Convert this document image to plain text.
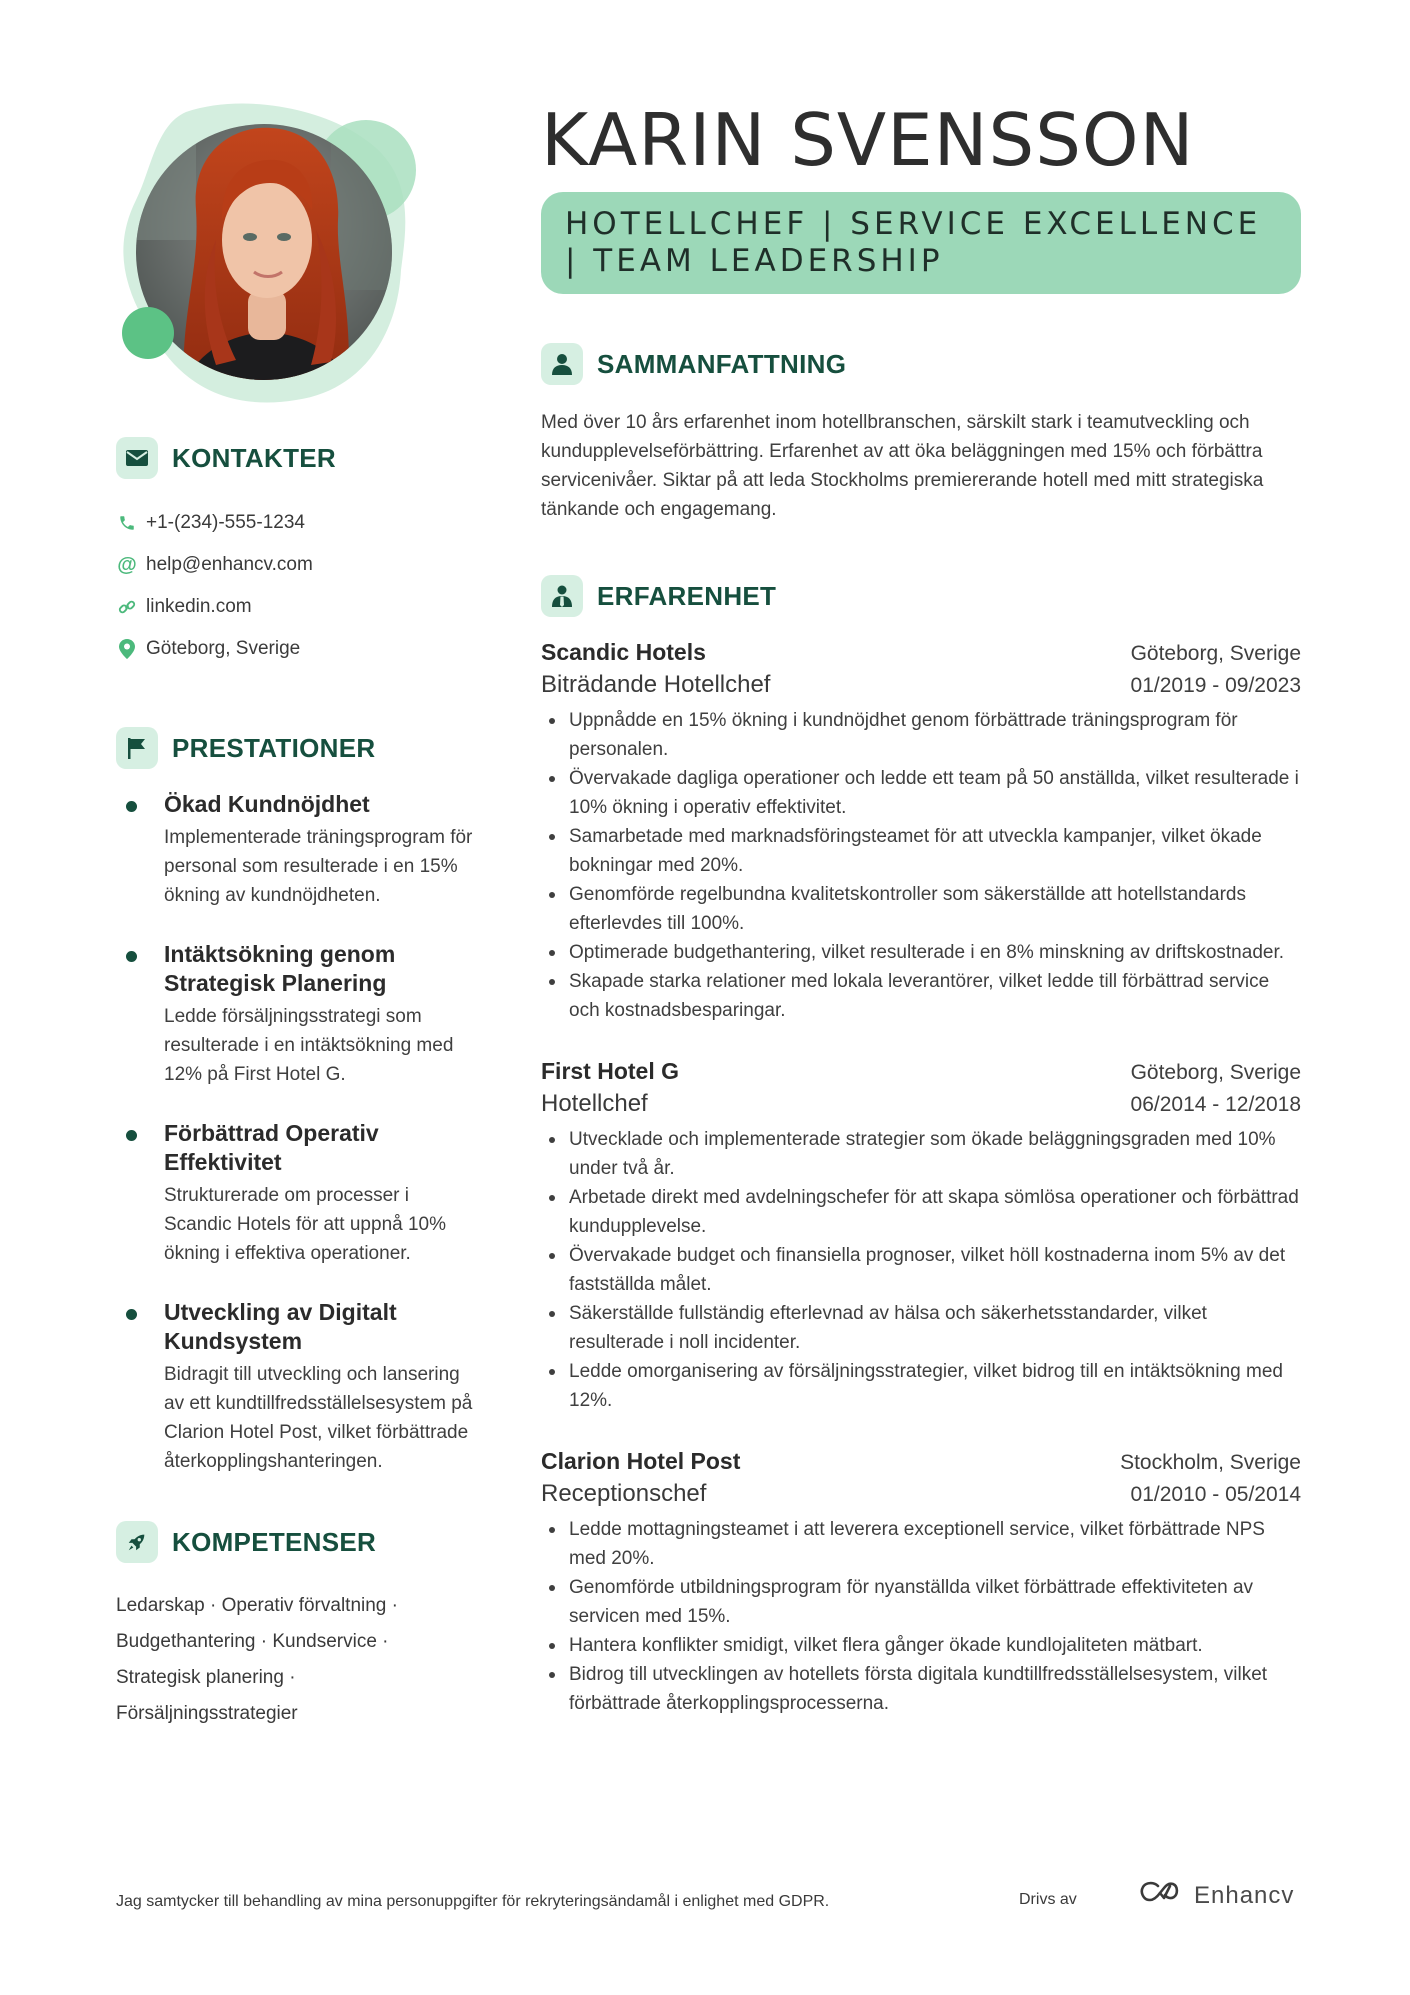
KONTAKTER
+1-(234)-555-1234
@ help@enhancv.com
linkedin.com
Göteborg, Sverige
PRESTATIONER
Ökad Kundnöjdhet
Implementerade träningsprogram för personal som resulterade i en 15% ökning av kundnöjdheten.
Intäktsökning genom Strategisk Planering
Ledde försäljningsstrategi som resulterade i en intäktsökning med 12% på First Hotel G.
Förbättrad Operativ Effektivitet
Strukturerade om processer i Scandic Hotels för att uppnå 10% ökning i effektiva operationer.
Utveckling av Digitalt Kundsystem
Bidragit till utveckling och lansering av ett kundtillfredsställelsesystem på Clarion Hotel Post, vilket förbättrade återkopplingshanteringen.
KOMPETENSER
Ledarskap · Operativ förvaltning · Budgethantering · Kundservice · Strategisk planering · Försäljningsstrategier
KARIN SVENSSON
HOTELLCHEF | SERVICE EXCELLENCE | TEAM LEADERSHIP
SAMMANFATTNING
Med över 10 års erfarenhet inom hotellbranschen, särskilt stark i teamutveckling och kundupplevelseförbättring. Erfarenhet av att öka beläggningen med 15% och förbättra servicenivåer. Siktar på att leda Stockholms premiererande hotell med mitt strategiska tänkande och engagemang.
ERFARENHET
Scandic Hotels	Göteborg, Sverige
Biträdande Hotellchef	01/2019 - 09/2023
Uppnådde en 15% ökning i kundnöjdhet genom förbättrade träningsprogram för personalen.
Övervakade dagliga operationer och ledde ett team på 50 anställda, vilket resulterade i 10% ökning i operativ effektivitet.
Samarbetade med marknadsföringsteamet för att utveckla kampanjer, vilket ökade bokningar med 20%.
Genomförde regelbundna kvalitetskontroller som säkerställde att hotellstandards efterlevdes till 100%.
Optimerade budgethantering, vilket resulterade i en 8% minskning av driftskostnader.
Skapade starka relationer med lokala leverantörer, vilket ledde till förbättrad service och kostnadsbesparingar.
First Hotel G	Göteborg, Sverige
Hotellchef	06/2014 - 12/2018
Utvecklade och implementerade strategier som ökade beläggningsgraden med 10% under två år.
Arbetade direkt med avdelningschefer för att skapa sömlösa operationer och förbättrad kundupplevelse.
Övervakade budget och finansiella prognoser, vilket höll kostnaderna inom 5% av det fastställda målet.
Säkerställde fullständig efterlevnad av hälsa och säkerhetsstandarder, vilket resulterade i noll incidenter.
Ledde omorganisering av försäljningsstrategier, vilket bidrog till en intäktsökning med 12%.
Clarion Hotel Post	Stockholm, Sverige
Receptionschef	01/2010 - 05/2014
Ledde mottagningsteamet i att leverera exceptionell service, vilket förbättrade NPS med 20%.
Genomförde utbildningsprogram för nyanställda vilket förbättrade effektiviteten av servicen med 15%.
Hantera konflikter smidigt, vilket flera gånger ökade kundlojaliteten mätbart.
Bidrog till utvecklingen av hotellets första digitala kundtillfredsställelsesystem, vilket förbättrade återkopplingsprocesserna.
Jag samtycker till behandling av mina personuppgifter för rekryteringsändamål i enlighet med GDPR.	Drivs av	Enhancv
